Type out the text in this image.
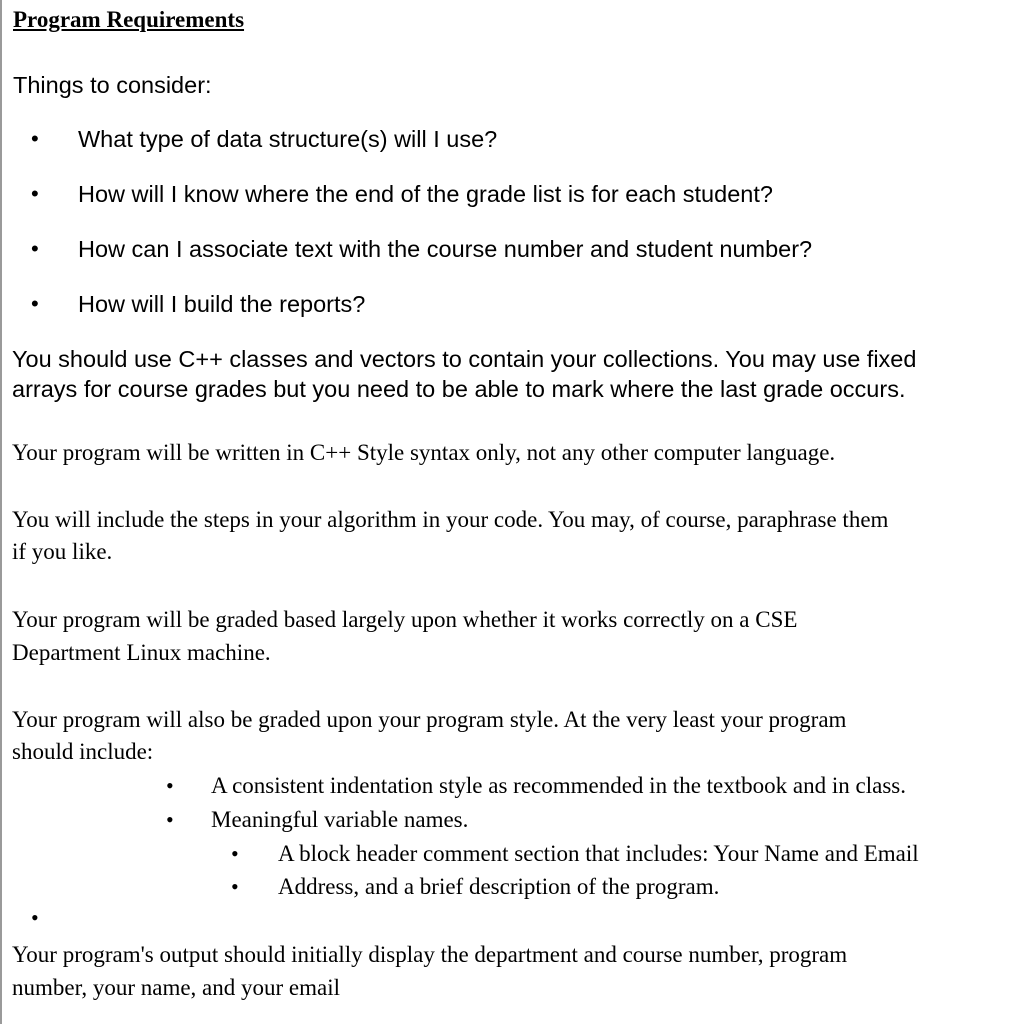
Program Requirements
Things to consider:
• What type of data structure(s) will I use?
• How will I know where the end of the grade list is for each student?
• How can I associate text with the course number and student number?
• How will I build the reports?
You should use C++ classes and vectors to contain your collections. You may use fixed
arrays for course grades but you need to be able to mark where the last grade occurs.
Your program will be written in C++ Style syntax only, not any other computer language.
You will include the steps in your algorithm in your code. You may, of course, paraphrase them
if you like.
Your program will be graded based largely upon whether it works correctly on a CSE
Department Linux machine.
Your program will also be graded upon your program style. At the very least your program
should include:
• A consistent indentation style as recommended in the textbook and in class.
• Meaningful variable names.
• A block header comment section that includes: Your Name and Email
• Address, and a brief description of the program.
•
Your program's output should initially display the department and course number, program
number, your name, and your email
